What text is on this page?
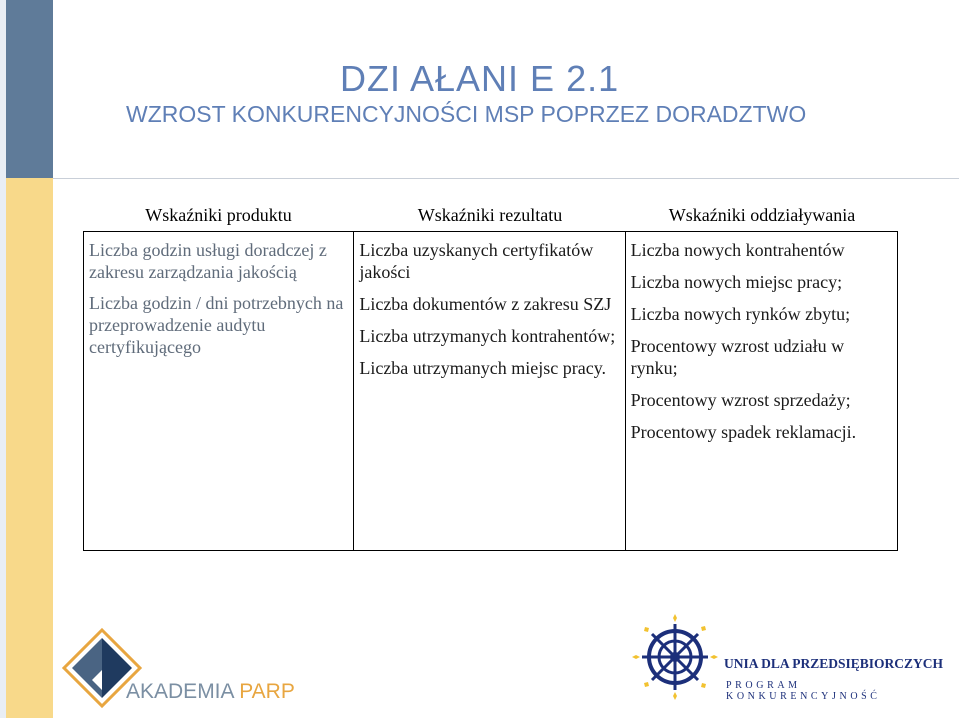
DZI AŁANI E 2.1
WZROST KONKURENCYJNOŚCI MSP POPRZEZ DORADZTWO
Wskaźniki produktu	Wskaźniki rezultatu	Wskaźniki oddziaływania

Liczba godzin usługi doradczej z zakresu zarządzania jakością

Liczba godzin / dni potrzebnych na przeprowadzenie audytu certyfikującego

Liczba uzyskanych certyfikatów jakości

Liczba dokumentów z zakresu SZJ

Liczba utrzymanych kontrahentów;

Liczba utrzymanych miejsc pracy.

Liczba nowych kontrahentów

Liczba nowych miejsc pracy;

Liczba nowych rynków zbytu;

Procentowy wzrost udziału w rynku;

Procentowy wzrost sprzedaży;

Procentowy spadek reklamacji.

AKADEMIA PARP
UNIA DLA PRZEDSIĘBIORCZYCH
PROGRAM KONKURENCYJNOŚĆ
